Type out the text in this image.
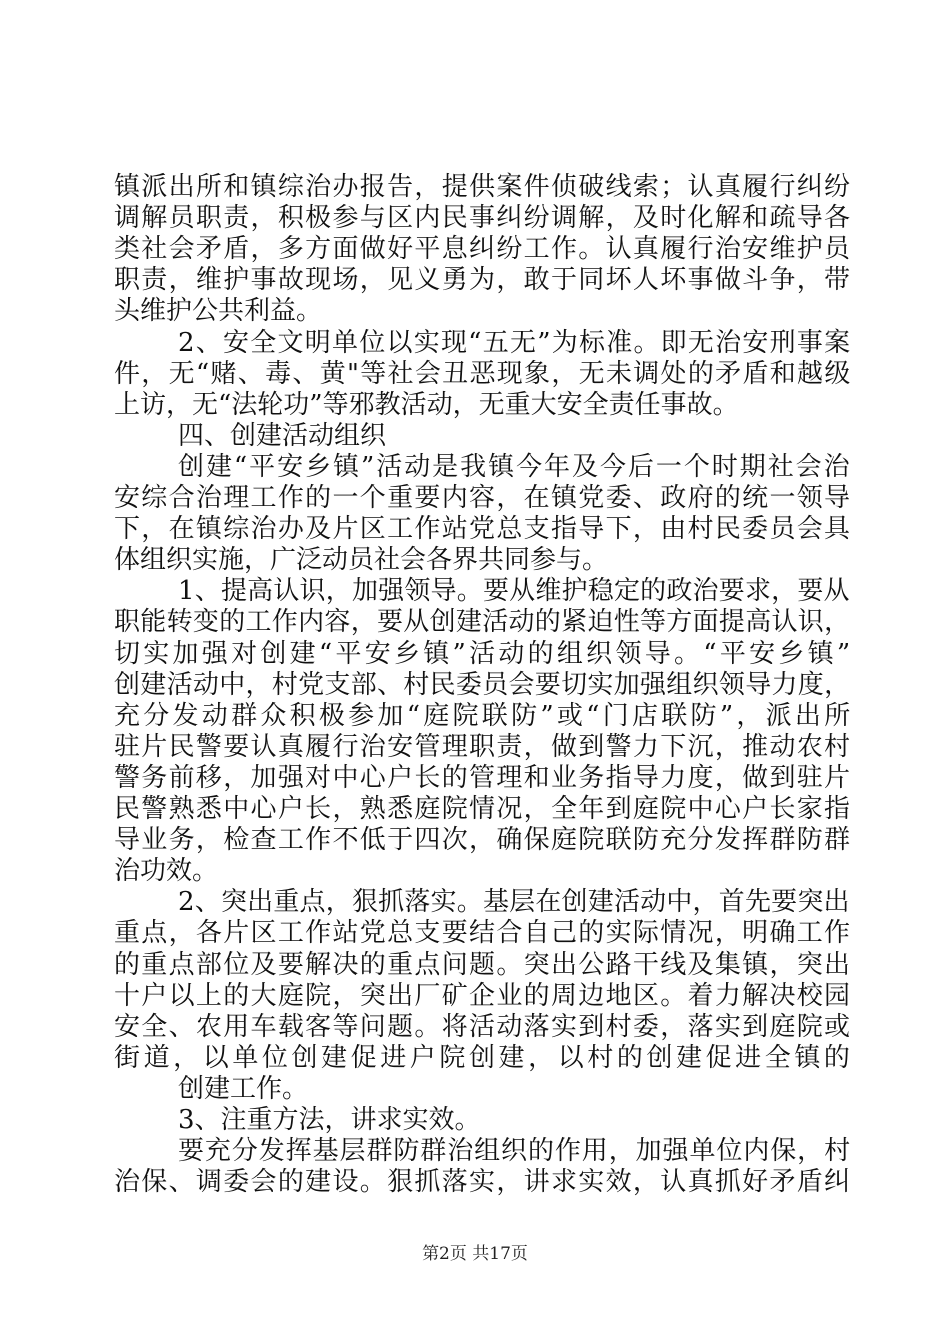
镇派出所和镇综治办报告，提供案件侦破线索；认真履行纠纷
调解员职责，积极参与区内民事纠纷调解，及时化解和疏导各
类社会矛盾，多方面做好平息纠纷工作。认真履行治安维护员
职责，维护事故现场，见义勇为，敢于同坏人坏事做斗争，带
头维护公共利益。
2、安全文明单位以实现“五无”为标准。即无治安刑事案
件，无“赌、毒、黄"等社会丑恶现象，无未调处的矛盾和越级
上访，无“法轮功”等邪教活动，无重大安全责任事故。
四、创建活动组织
创建“平安乡镇”活动是我镇今年及今后一个时期社会治
安综合治理工作的一个重要内容，在镇党委、政府的统一领导
下，在镇综治办及片区工作站党总支指导下，由村民委员会具
体组织实施，广泛动员社会各界共同参与。
1、提高认识，加强领导。要从维护稳定的政治要求，要从
职能转变的工作内容，要从创建活动的紧迫性等方面提高认识，
切实加强对创建“平安乡镇”活动的组织领导。“平安乡镇”
创建活动中，村党支部、村民委员会要切实加强组织领导力度，
充分发动群众积极参加“庭院联防”或“门店联防”，派出所
驻片民警要认真履行治安管理职责，做到警力下沉，推动农村
警务前移，加强对中心户长的管理和业务指导力度，做到驻片
民警熟悉中心户长，熟悉庭院情况，全年到庭院中心户长家指
导业务，检查工作不低于四次，确保庭院联防充分发挥群防群
治功效。
2、突出重点，狠抓落实。基层在创建活动中，首先要突出
重点，各片区工作站党总支要结合自己的实际情况，明确工作
的重点部位及要解决的重点问题。突出公路干线及集镇，突出
十户以上的大庭院，突出厂矿企业的周边地区。着力解决校园
安全、农用车载客等问题。将活动落实到村委，落实到庭院或
街道，以单位创建促进户院创建，以村的创建促进全镇的
创建工作。
3、注重方法，讲求实效。
要充分发挥基层群防群治组织的作用，加强单位内保，村
治保、调委会的建设。狠抓落实，讲求实效，认真抓好矛盾纠
第2页 共17页
